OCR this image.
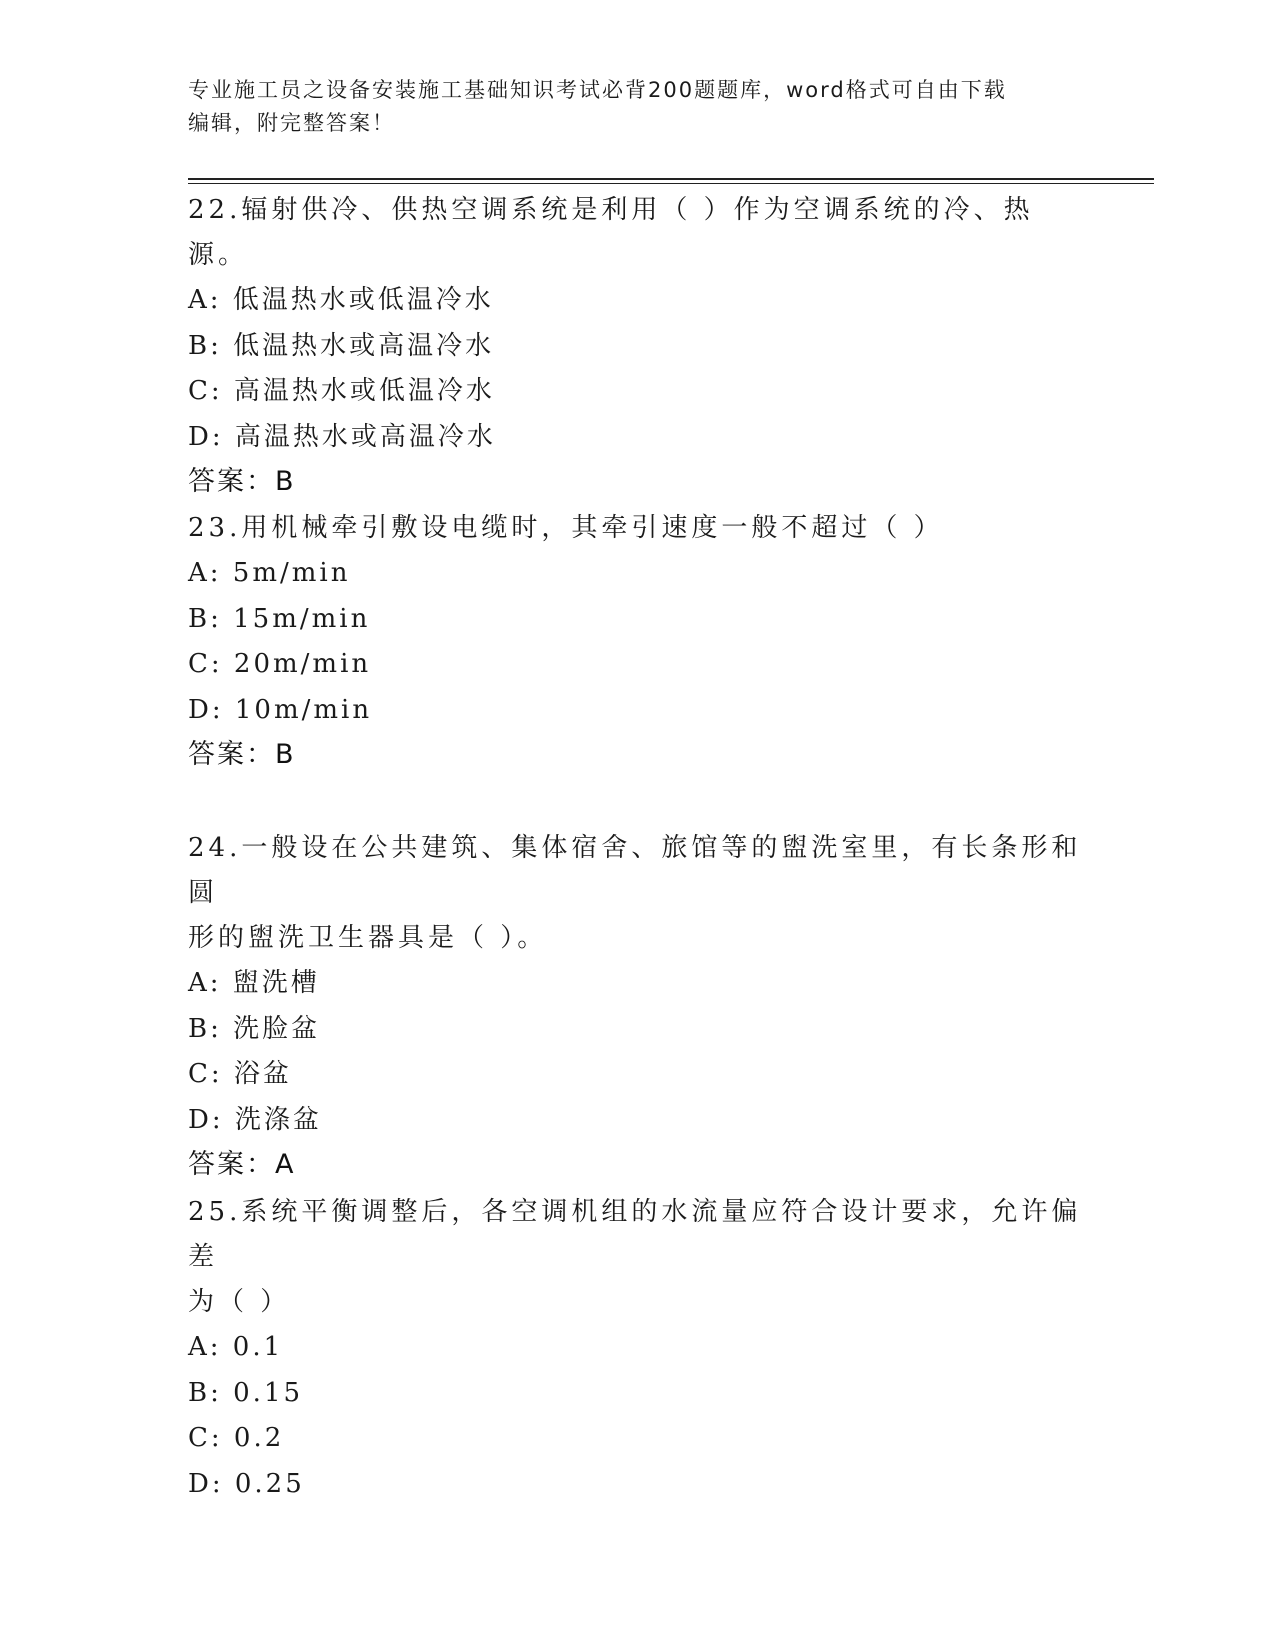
专业施工员之设备安装施工基础知识考试必背200题题库，word格式可自由下载
编辑，附完整答案！

22.辐射供冷、供热空调系统是利用（ ）作为空调系统的冷、热源。

A: 低温热水或低温冷水

B: 低温热水或高温冷水

C: 高温热水或低温冷水

D: 高温热水或高温冷水

答案：B

23.用机械牵引敷设电缆时，其牵引速度一般不超过（ ）

A: 5m/min

B: 15m/min

C: 20m/min

D: 10m/min

答案：B

24.一般设在公共建筑、集体宿舍、旅馆等的盥洗室里，有长条形和圆

形的盥洗卫生器具是（ ）。

A: 盥洗槽

B: 洗脸盆

C: 浴盆

D: 洗涤盆

答案：A

25.系统平衡调整后，各空调机组的水流量应符合设计要求，允许偏差

为（ ）

A: 0.1

B: 0.15

C: 0.2

D: 0.25
